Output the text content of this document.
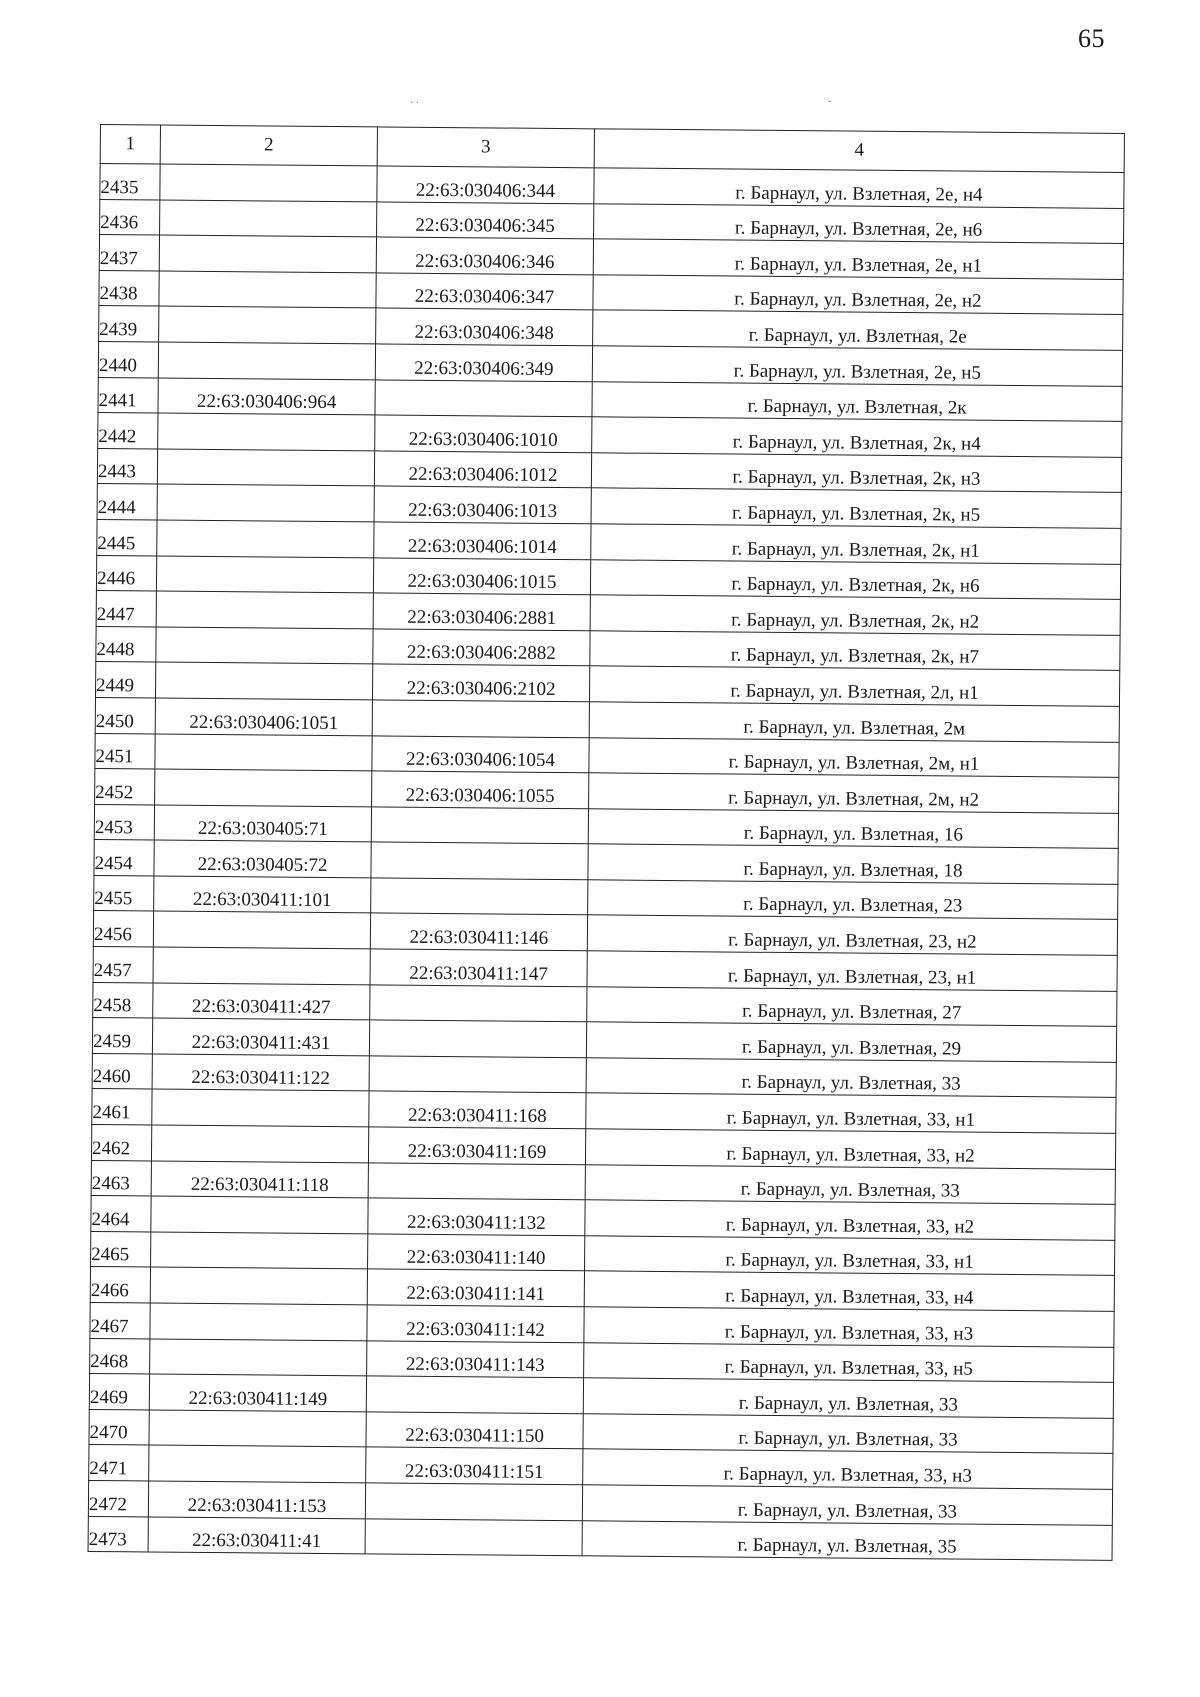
65
· ·	ˇ
1	2	3	4
2435		22:63:030406:344	г. Барнаул, ул. Взлетная, 2е, н4
2436		22:63:030406:345	г. Барнаул, ул. Взлетная, 2е, н6
2437		22:63:030406:346	г. Барнаул, ул. Взлетная, 2е, н1
2438		22:63:030406:347	г. Барнаул, ул. Взлетная, 2е, н2
2439		22:63:030406:348	г. Барнаул, ул. Взлетная, 2е
2440		22:63:030406:349	г. Барнаул, ул. Взлетная, 2е, н5
2441	22:63:030406:964		г. Барнаул, ул. Взлетная, 2к
2442		22:63:030406:1010	г. Барнаул, ул. Взлетная, 2к, н4
2443		22:63:030406:1012	г. Барнаул, ул. Взлетная, 2к, н3
2444		22:63:030406:1013	г. Барнаул, ул. Взлетная, 2к, н5
2445		22:63:030406:1014	г. Барнаул, ул. Взлетная, 2к, н1
2446		22:63:030406:1015	г. Барнаул, ул. Взлетная, 2к, н6
2447		22:63:030406:2881	г. Барнаул, ул. Взлетная, 2к, н2
2448		22:63:030406:2882	г. Барнаул, ул. Взлетная, 2к, н7
2449		22:63:030406:2102	г. Барнаул, ул. Взлетная, 2л, н1
2450	22:63:030406:1051		г. Барнаул, ул. Взлетная, 2м
2451		22:63:030406:1054	г. Барнаул, ул. Взлетная, 2м, н1
2452		22:63:030406:1055	г. Барнаул, ул. Взлетная, 2м, н2
2453	22:63:030405:71		г. Барнаул, ул. Взлетная, 16
2454	22:63:030405:72		г. Барнаул, ул. Взлетная, 18
2455	22:63:030411:101		г. Барнаул, ул. Взлетная, 23
2456		22:63:030411:146	г. Барнаул, ул. Взлетная, 23, н2
2457		22:63:030411:147	г. Барнаул, ул. Взлетная, 23, н1
2458	22:63:030411:427		г. Барнаул, ул. Взлетная, 27
2459	22:63:030411:431		г. Барнаул, ул. Взлетная, 29
2460	22:63:030411:122		г. Барнаул, ул. Взлетная, 33
2461		22:63:030411:168	г. Барнаул, ул. Взлетная, 33, н1
2462		22:63:030411:169	г. Барнаул, ул. Взлетная, 33, н2
2463	22:63:030411:118		г. Барнаул, ул. Взлетная, 33
2464		22:63:030411:132	г. Барнаул, ул. Взлетная, 33, н2
2465		22:63:030411:140	г. Барнаул, ул. Взлетная, 33, н1
2466		22:63:030411:141	г. Барнаул, ул. Взлетная, 33, н4
2467		22:63:030411:142	г. Барнаул, ул. Взлетная, 33, н3
2468		22:63:030411:143	г. Барнаул, ул. Взлетная, 33, н5
2469	22:63:030411:149		г. Барнаул, ул. Взлетная, 33
2470		22:63:030411:150	г. Барнаул, ул. Взлетная, 33
2471		22:63:030411:151	г. Барнаул, ул. Взлетная, 33, н3
2472	22:63:030411:153		г. Барнаул, ул. Взлетная, 33
2473	22:63:030411:41		г. Барнаул, ул. Взлетная, 35
